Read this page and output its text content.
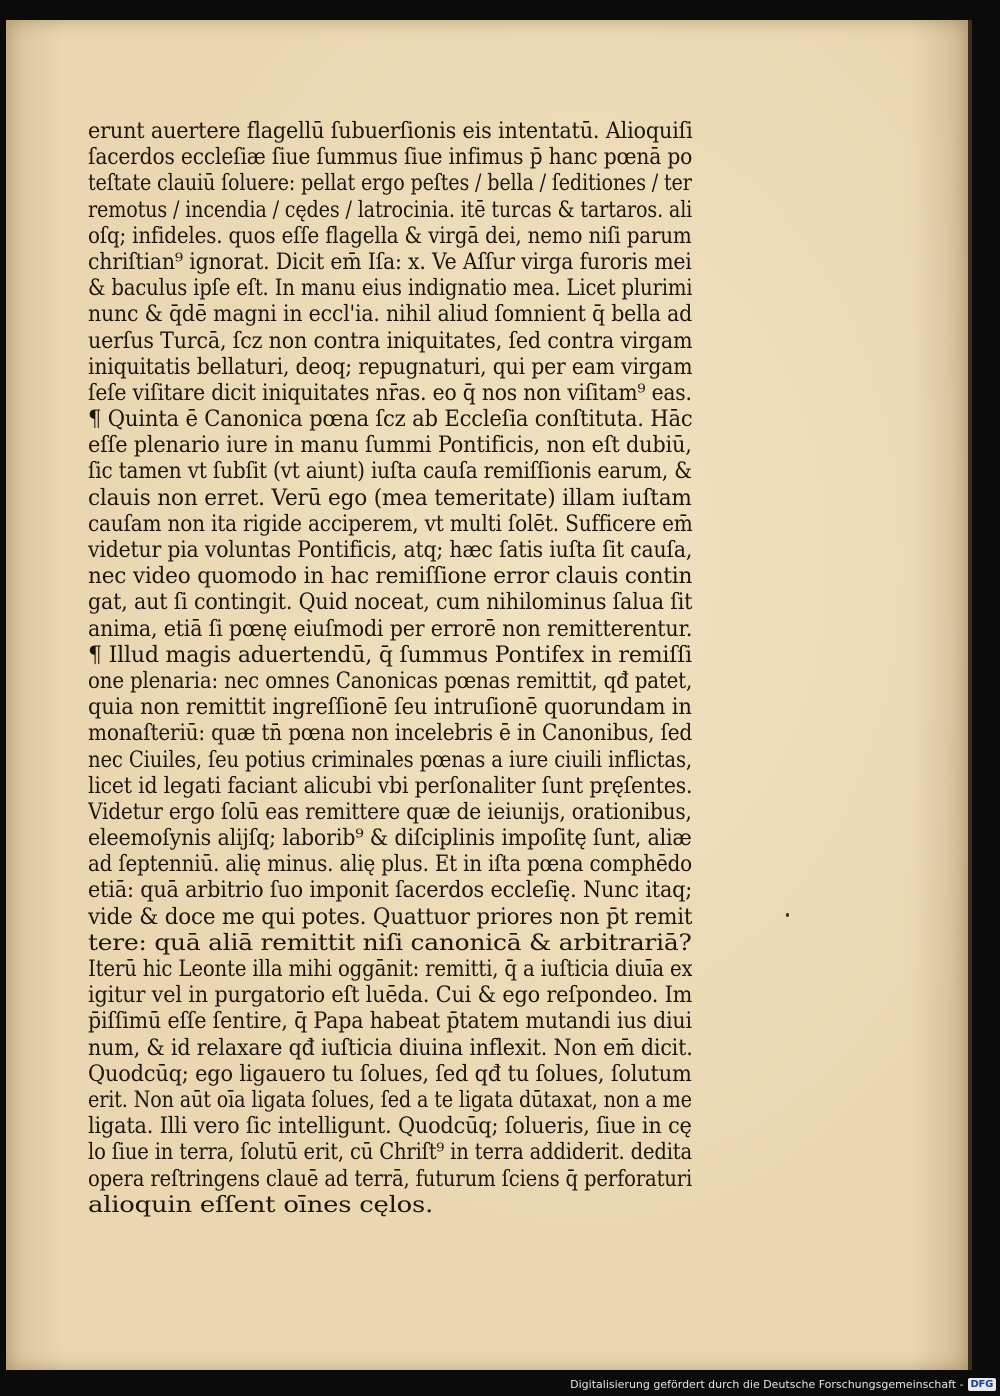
erunt auertere flagellū ſubuerſionis eis intentatū. Alioquiſi
ſacerdos eccleſiæ ſiue ſummus ſiue infimus p̄ hanc pœnā po
teſtate clauiū ſoluere: pellat ergo peſtes / bella / ſeditiones / ter
remotus / incendia / cędes / latrocinia. itē turcas & tartaros. ali
oſq; infideles. quos eſſe flagella & virgā dei, nemo niſi parum
chriſtian⁹ ignorat. Dicit em̄ Iſa: x. Ve Aſſur virga furoris mei
& baculus ipſe eſt. In manu eius indignatio mea. Licet plurimi
nunc & q̄dē magni in eccl'ia. nihil aliud ſomnient q̄ bella ad
uerſus Turcā, ſcz non contra iniquitates, ſed contra virgam
iniquitatis bellaturi, deoq; repugnaturi, qui per eam virgam
ſeſe viſitare dicit iniquitates nr̄as. eo q̄ nos non viſitam⁹ eas.
¶ Quinta ē Canonica pœna ſcz ab Eccleſia conſtituta. Hāc
eſſe plenario iure in manu ſummi Pontificis, non eſt dubiū,
ſic tamen vt ſubſit (vt aiunt) iuſta cauſa remiſſionis earum, &
clauis non erret. Verū ego (mea temeritate) illam iuſtam
cauſam non ita rigide acciperem, vt multi ſolēt. Sufficere em̄
videtur pia voluntas Pontificis, atq; hæc ſatis iuſta ſit cauſa,
nec video quomodo in hac remiſſione error clauis contin
gat, aut ſi contingit. Quid noceat, cum nihilominus ſalua ſit
anima, etiā ſi pœnę eiuſmodi per errorē non remitterentur.
¶ Illud magis aduertendū, q̄ ſummus Pontifex in remiſſi
one plenaria: nec omnes Canonicas pœnas remittit, qđ patet,
quia non remittit ingreſſionē ſeu intruſionē quorundam in
monaſteriū: quæ tn̄ pœna non incelebris ē in Canonibus, ſed
nec Ciuiles, ſeu potius criminales pœnas a iure ciuili inflictas,
licet id legati faciant alicubi vbi perſonaliter ſunt pręſentes.
Videtur ergo ſolū eas remittere quæ de ieiunijs, orationibus,
eleemoſynis alijſq; laborib⁹ & diſciplinis impoſitę ſunt, aliæ
ad ſeptenniū. alię minus. alię plus. Et in iſta pœna comphēdo
etiā: quā arbitrio ſuo imponit ſacerdos eccleſię. Nunc itaq;
vide & doce me qui potes. Quattuor priores non p̄t remit
tere: quā aliā remittit niſi canonicā & arbitrariā?
Iterū hic Leonte illa mihi oggānit: remitti, q̄ a iuſticia diuīa ex
igitur vel in purgatorio eſt luēda. Cui & ego reſpondeo. Im
p̄iſſimū eſſe ſentire, q̄ Papa habeat p̄tatem mutandi ius diui
num, & id relaxare qđ iuſticia diuina inflexit. Non em̄ dicit.
Quodcūq; ego ligauero tu ſolues, ſed qđ tu ſolues, ſolutum
erit. Non aūt oīa ligata ſolues, ſed a te ligata dūtaxat, non a me
ligata. Illi vero ſic intelligunt. Quodcūq; ſolueris, ſiue in cę
lo ſiue in terra, ſolutū erit, cū Chriſt⁹ in terra addiderit. dedita
opera reſtringens clauē ad terrā, futurum ſciens q̄ perforaturi
alioquin eſſent oīnes cęlos.
Digitalisierung gefördert durch die Deutsche Forschungsgemeinschaft - DFG
